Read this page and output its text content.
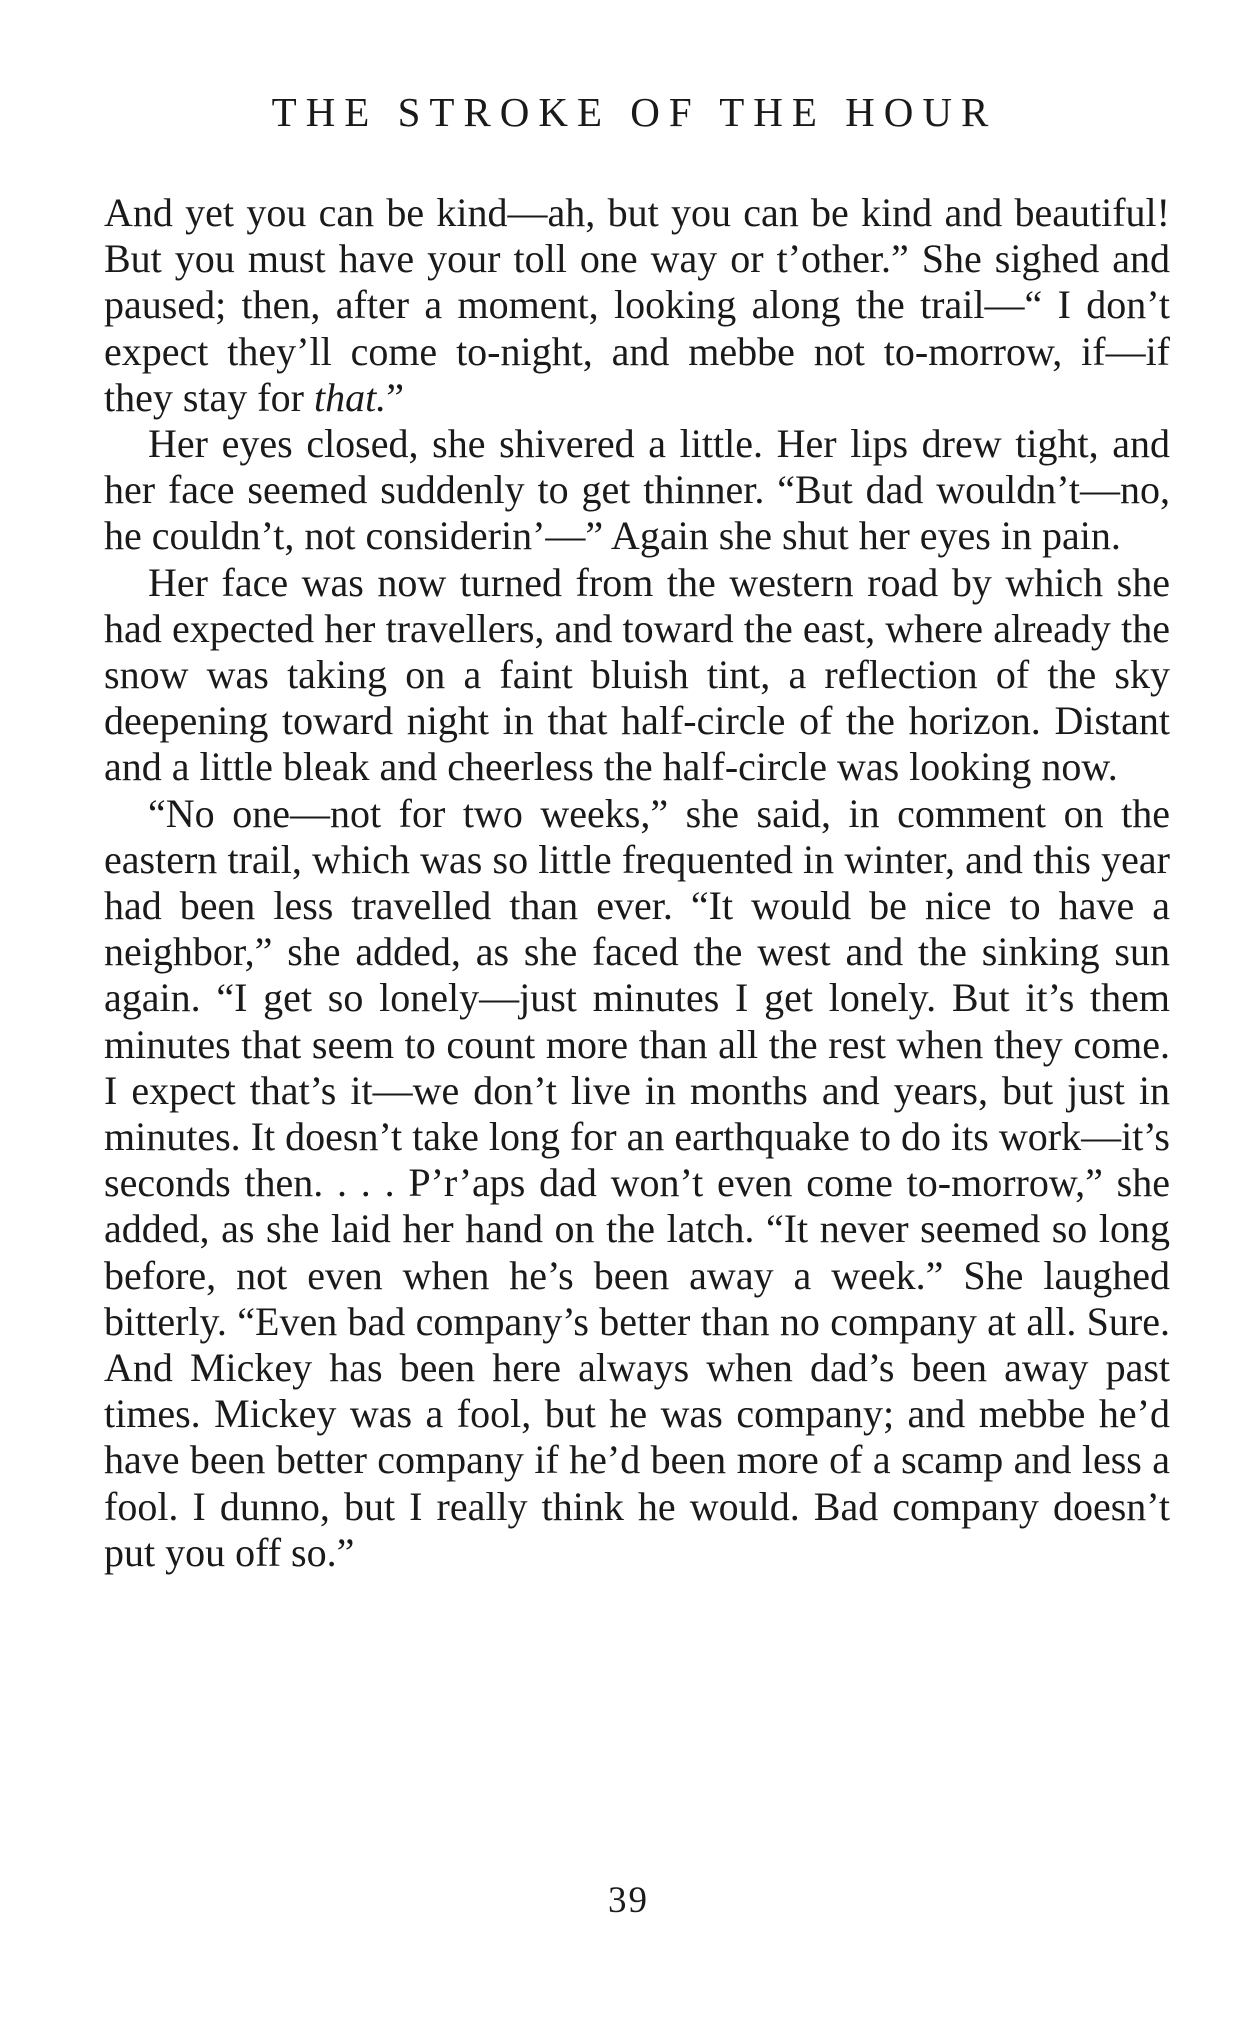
THE STROKE OF THE HOUR

And yet you can be kind—ah, but you can be kind and beautiful! But you must have your toll one way or t’other.” She sighed and paused; then, after a moment, looking along the trail—“ I don’t expect they’ll come to-night, and mebbe not to-morrow, if—if they stay for that.”

Her eyes closed, she shivered a little. Her lips drew tight, and her face seemed suddenly to get thinner. “But dad wouldn’t—no, he couldn’t, not considerin’—” Again she shut her eyes in pain.

Her face was now turned from the western road by which she had expected her travellers, and toward the east, where already the snow was taking on a faint bluish tint, a reflection of the sky deepening toward night in that half-circle of the horizon. Distant and a little bleak and cheerless the half-circle was looking now.

“No one—not for two weeks,” she said, in comment on the eastern trail, which was so little frequented in winter, and this year had been less travelled than ever. “It would be nice to have a neighbor,” she added, as she faced the west and the sinking sun again. “I get so lonely—just minutes I get lonely. But it’s them minutes that seem to count more than all the rest when they come. I expect that’s it—we don’t live in months and years, but just in minutes. It doesn’t take long for an earthquake to do its work—it’s seconds then. . . . P’r’aps dad won’t even come to-morrow,” she added, as she laid her hand on the latch. “It never seemed so long before, not even when he’s been away a week.” She laughed bitterly. “Even bad company’s better than no company at all. Sure. And Mickey has been here always when dad’s been away past times. Mickey was a fool, but he was company; and mebbe he’d have been better company if he’d been more of a scamp and less a fool. I dunno, but I really think he would. Bad company doesn’t put you off so.”

39
